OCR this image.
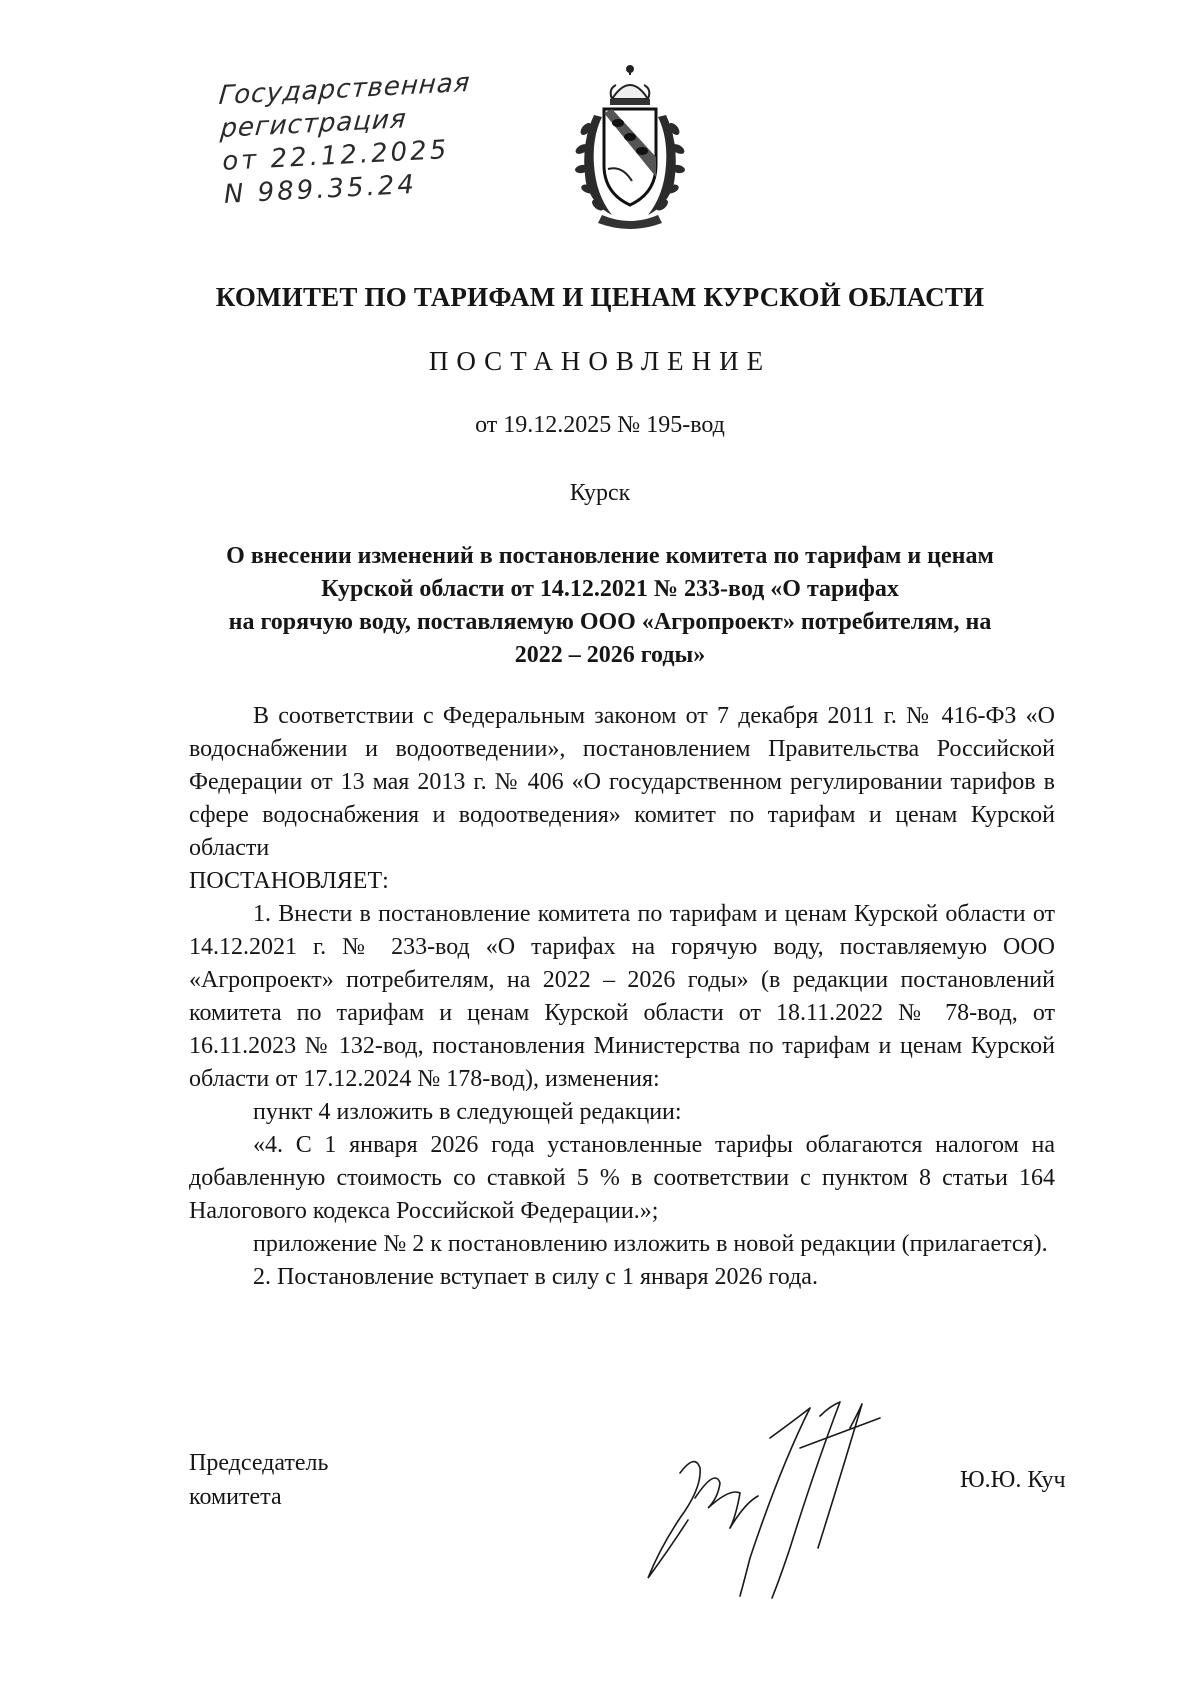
Государственная
регистрация
от 22.12.2025
N 989.35.24
КОМИТЕТ ПО ТАРИФАМ И ЦЕНАМ КУРСКОЙ ОБЛАСТИ
ПОСТАНОВЛЕНИЕ
от 19.12.2025 № 195-вод
Курск
О внесении изменений в постановление комитета по тарифам и ценам
Курской области от 14.12.2021 № 233-вод «О тарифах
на горячую воду, поставляемую ООО «Агропроект» потребителям, на
2022 – 2026 годы»

В соответствии с Федеральным законом от 7 декабря 2011 г. № 416-ФЗ «О водоснабжении и водоотведении», постановлением Правительства Российской Федерации от 13 мая 2013 г. № 406 «О государственном регулировании тарифов в сфере водоснабжения и водоотведения» комитет по тарифам и ценам Курской области

ПОСТАНОВЛЯЕТ:

1. Внести в постановление комитета по тарифам и ценам Курской области от 14.12.2021 г. № 233-вод «О тарифах на горячую воду, поставляемую ООО «Агропроект» потребителям, на 2022 – 2026 годы» (в редакции постановлений комитета по тарифам и ценам Курской области от 18.11.2022 № 78-вод, от 16.11.2023 № 132-вод, постановления Министерства по тарифам и ценам Курской области от 17.12.2024 № 178-вод), изменения:

пункт 4 изложить в следующей редакции:

«4. С 1 января 2026 года установленные тарифы облагаются налогом на добавленную стоимость со ставкой 5 % в соответствии с пунктом 8 статьи 164 Налогового кодекса Российской Федерации.»;

приложение № 2 к постановлению изложить в новой редакции (прилагается).

2. Постановление вступает в силу с 1 января 2026 года.

Председатель
комитета
Ю.Ю. Куч
